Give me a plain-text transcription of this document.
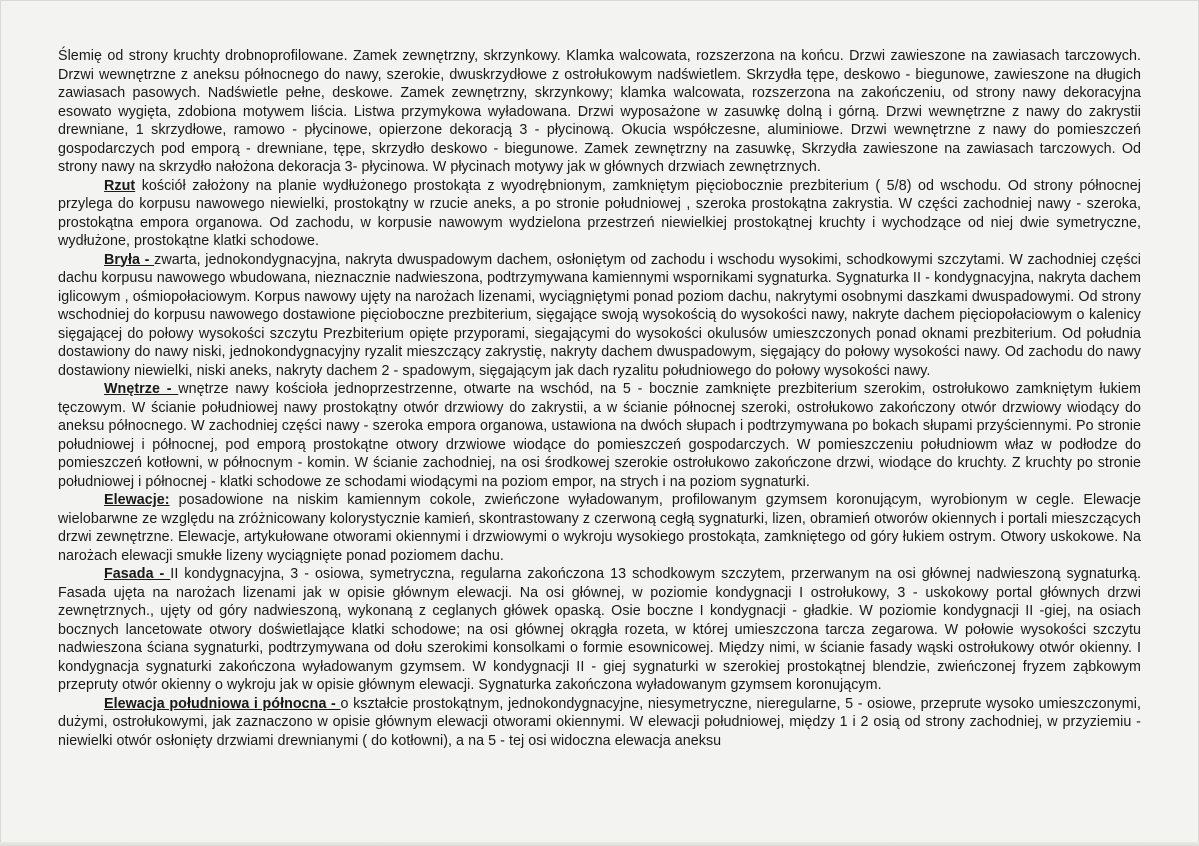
Ślemię od strony kruchty drobnoprofilowane. Zamek zewnętrzny, skrzynkowy. Klamka walcowata, rozszerzona na końcu. Drzwi zawieszone na zawiasach tarczowych. Drzwi wewnętrzne z aneksu północnego do nawy, szerokie, dwuskrzydłowe z ostrołukowym nadświetlem. Skrzydła tępe, deskowo - biegunowe, zawieszone na długich zawiasach pasowych. Nadświetle pełne, deskowe. Zamek zewnętrzny, skrzynkowy; klamka walcowata, rozszerzona na zakończeniu, od strony nawy dekoracyjna esowato wygięta, zdobiona motywem liścia. Listwa przymykowa wyładowana. Drzwi wyposażone w zasuwkę dolną i górną. Drzwi wewnętrzne z nawy do zakrystii drewniane, 1 skrzydłowe, ramowo - płycinowe, opierzone dekoracją 3 - płycinową. Okucia współczesne, aluminiowe. Drzwi wewnętrzne z nawy do pomieszczeń gospodarczych pod emporą - drewniane, tępe, skrzydło deskowo - biegunowe. Zamek zewnętrzny na zasuwkę, Skrzydła zawieszone na zawiasach tarczowych. Od strony nawy na skrzydło nałożona dekoracja 3- płycinowa. W płycinach motywy jak w głównych drzwiach zewnętrznych.

Rzut kościół założony na planie wydłużonego prostokąta z wyodrębnionym, zamkniętym pięciobocznie prezbiterium ( 5/8) od wschodu. Od strony północnej przylega do korpusu nawowego niewielki, prostokątny w rzucie aneks, a po stronie południowej , szeroka prostokątna zakrystia. W części zachodniej nawy - szeroka, prostokątna empora organowa. Od zachodu, w korpusie nawowym wydzielona przestrzeń niewielkiej prostokątnej kruchty i wychodzące od niej dwie symetryczne, wydłużone, prostokątne klatki schodowe.

Bryła - zwarta, jednokondygnacyjna, nakryta dwuspadowym dachem, osłoniętym od zachodu i wschodu wysokimi, schodkowymi szczytami. W zachodniej części dachu korpusu nawowego wbudowana, nieznacznie nadwieszona, podtrzymywana kamiennymi wspornikami sygnaturka. Sygnaturka II - kondygnacyjna, nakryta dachem iglicowym , ośmiopołaciowym. Korpus nawowy ujęty na narożach lizenami, wyciągniętymi ponad poziom dachu, nakrytymi osobnymi daszkami dwuspadowymi. Od strony wschodniej do korpusu nawowego dostawione pięcioboczne prezbiterium, sięgające swoją wysokością do wysokości nawy, nakryte dachem pięciopołaciowym o kalenicy sięgającej do połowy wysokości szczytu Prezbiterium opięte przyporami, siegającymi do wysokości okulusów umieszczonych ponad oknami prezbiterium. Od południa dostawiony do nawy niski, jednokondygnacyjny ryzalit mieszczący zakrystię, nakryty dachem dwuspadowym, sięgający do połowy wysokości nawy. Od zachodu do nawy dostawiony niewielki, niski aneks, nakryty dachem 2 - spadowym, sięgającym jak dach ryzalitu południowego do połowy wysokości nawy.

Wnętrze - wnętrze nawy kościoła jednoprzestrzenne, otwarte na wschód, na 5 - bocznie zamknięte prezbiterium szerokim, ostrołukowo zamkniętym łukiem tęczowym. W ścianie południowej nawy prostokątny otwór drzwiowy do zakrystii, a w ścianie północnej szeroki, ostrołukowo zakończony otwór drzwiowy wiodący do aneksu północnego. W zachodniej części nawy - szeroka empora organowa, ustawiona na dwóch słupach i podtrzymywana po bokach słupami przyściennymi. Po stronie południowej i północnej, pod emporą prostokątne otwory drzwiowe wiodące do pomieszczeń gospodarczych. W pomieszczeniu południowm właz w podłodze do pomieszczeń kotłowni, w północnym - komin. W ścianie zachodniej, na osi środkowej szerokie ostrołukowo zakończone drzwi, wiodące do kruchty. Z kruchty po stronie południowej i północnej - klatki schodowe ze schodami wiodącymi na poziom empor, na strych i na poziom sygnaturki.

Elewacje: posadowione na niskim kamiennym cokole, zwieńczone wyładowanym, profilowanym gzymsem koronującym, wyrobionym w cegle. Elewacje wielobarwne ze względu na zróżnicowany kolorystycznie kamień, skontrastowany z czerwoną cegłą sygnaturki, lizen, obramień otworów okiennych i portali mieszczących drzwi zewnętrzne. Elewacje, artykułowane otworami okiennymi i drzwiowymi o wykroju wysokiego prostokąta, zamkniętego od góry łukiem ostrym. Otwory uskokowe. Na narożach elewacji smukłe lizeny wyciągnięte ponad poziomem dachu.

Fasada - II kondygnacyjna, 3 - osiowa, symetryczna, regularna zakończona 13 schodkowym szczytem, przerwanym na osi głównej nadwieszoną sygnaturką. Fasada ujęta na narożach lizenami jak w opisie głównym elewacji. Na osi głównej, w poziomie kondygnacji I ostrołukowy, 3 - uskokowy portal głównych drzwi zewnętrznych., ujęty od góry nadwieszoną, wykonaną z ceglanych główek opaską. Osie boczne I kondygnacji - gładkie. W poziomie kondygnacji II -giej, na osiach bocznych lancetowate otwory doświetlające klatki schodowe; na osi głównej okrągła rozeta, w której umieszczona tarcza zegarowa. W połowie wysokości szczytu nadwieszona ściana sygnaturki, podtrzymywana od dołu szerokimi konsolkami o formie esownicowej. Między nimi, w ścianie fasady wąski ostrołukowy otwór okienny. I kondygnacja sygnaturki zakończona wyładowanym gzymsem. W kondygnacji II - giej sygnaturki w szerokiej prostokątnej blendzie, zwieńczonej fryzem ząbkowym przepruty otwór okienny o wykroju jak w opisie głównym elewacji. Sygnaturka zakończona wyładowanym gzymsem koronującym.

Elewacja południowa i północna - o kształcie prostokątnym, jednokondygnacyjne, niesymetryczne, nieregularne, 5 - osiowe, przeprute wysoko umieszczonymi, dużymi, ostrołukowymi, jak zaznaczono w opisie głównym elewacji otworami okiennymi. W elewacji południowej, między 1 i 2 osią od strony zachodniej, w przyziemiu - niewielki otwór osłonięty drzwiami drewnianymi ( do kotłowni), a na 5 - tej osi widoczna elewacja aneksu
